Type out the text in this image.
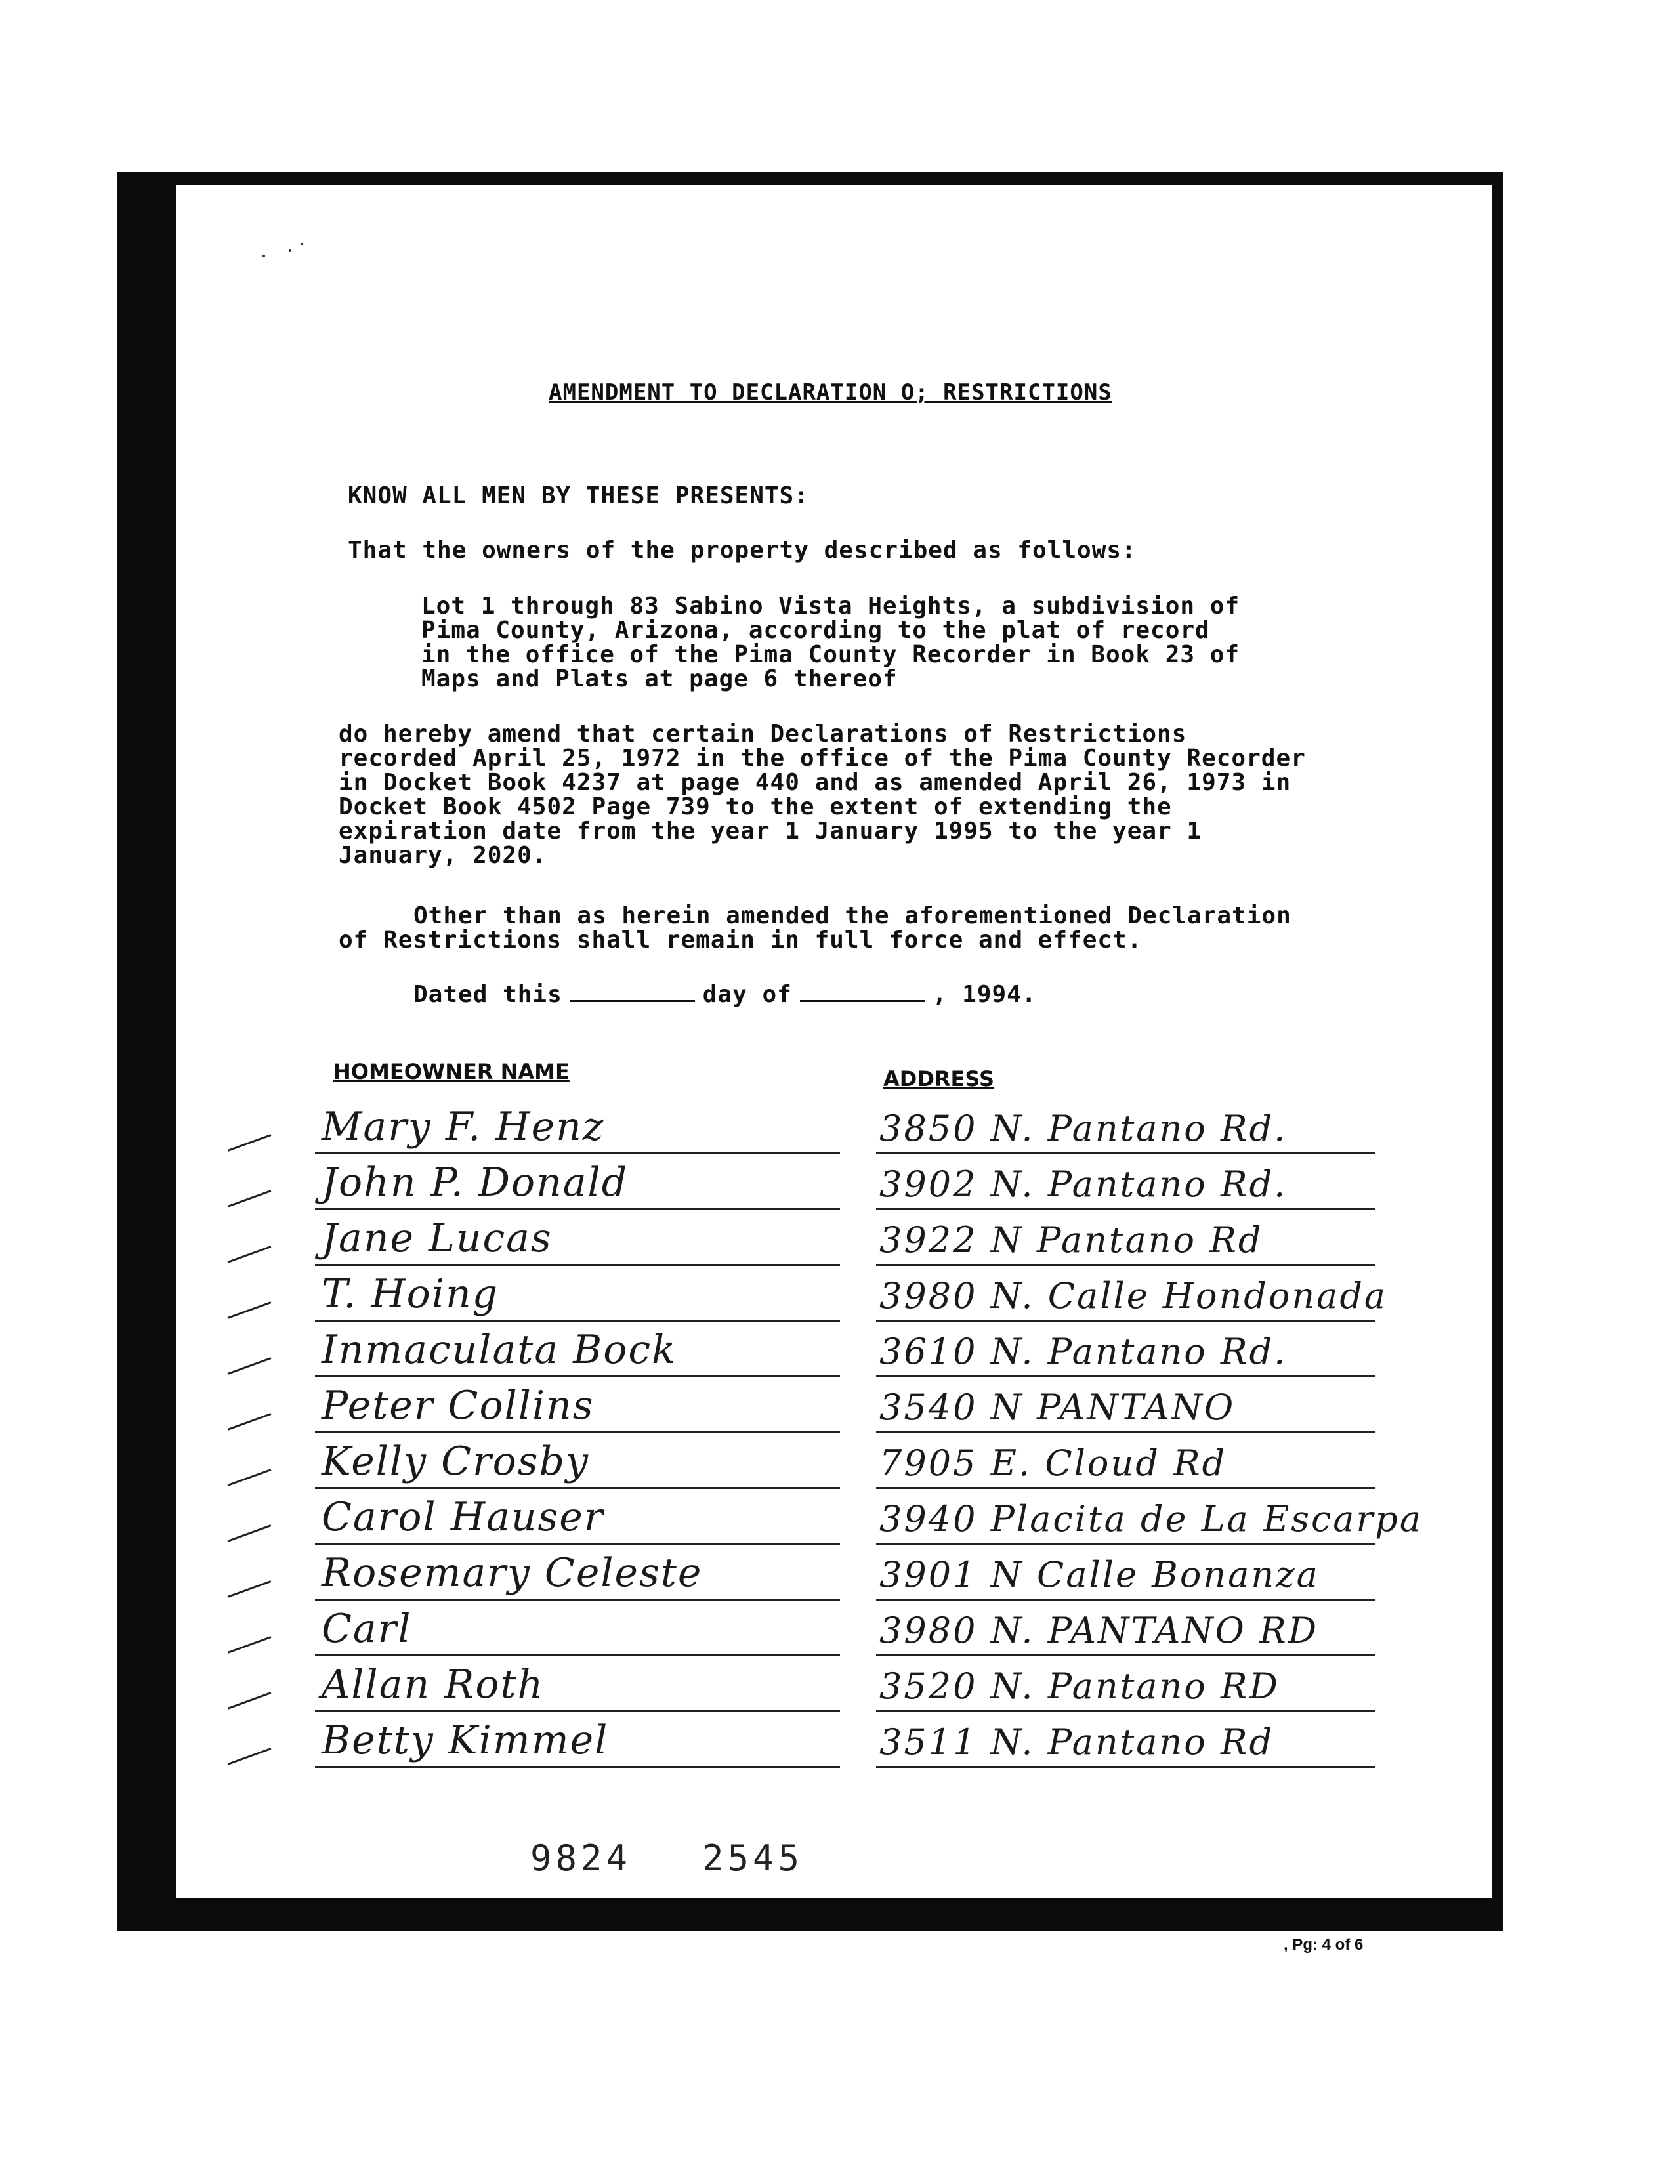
AMENDMENT TO DECLARATION O; RESTRICTIONS
KNOW ALL MEN BY THESE PRESENTS:
That the owners of the property described as follows:
Lot 1 through 83 Sabino Vista Heights, a subdivision of
Pima County, Arizona, according to the plat of record
in the office of the Pima County Recorder in Book 23 of
Maps and Plats at page 6 thereof
do hereby amend that certain Declarations of Restrictions
recorded April 25, 1972 in the office of the Pima County Recorder
in Docket Book 4237 at page 440 and as amended April 26, 1973 in
Docket Book 4502 Page 739 to the extent of extending the
expiration date from the year 1 January 1995 to the year 1
January, 2020.
Other than as herein amended the aforementioned Declaration
of Restrictions shall remain in full force and effect.
Dated this	day of	, 1994.
HOMEOWNER NAME	ADDRESS
Mary F. Henz	3850 N. Pantano Rd.
John P. Donald	3902 N. Pantano Rd.
Jane Lucas	3922 N Pantano Rd
T. Hoing	3980 N. Calle Hondonada
Inmaculata Bock	3610 N. Pantano Rd.
Peter Collins	3540 N PANTANO
Kelly Crosby	7905 E. Cloud Rd
Carol Hauser	3940 Placita de La Escarpa
Rosemary Celeste	3901 N Calle Bonanza
Carl	3980 N. PANTANO RD
Allan Roth	3520 N. Pantano RD
Betty Kimmel	3511 N. Pantano Rd
9824 2545
, Pg: 4 of 6
